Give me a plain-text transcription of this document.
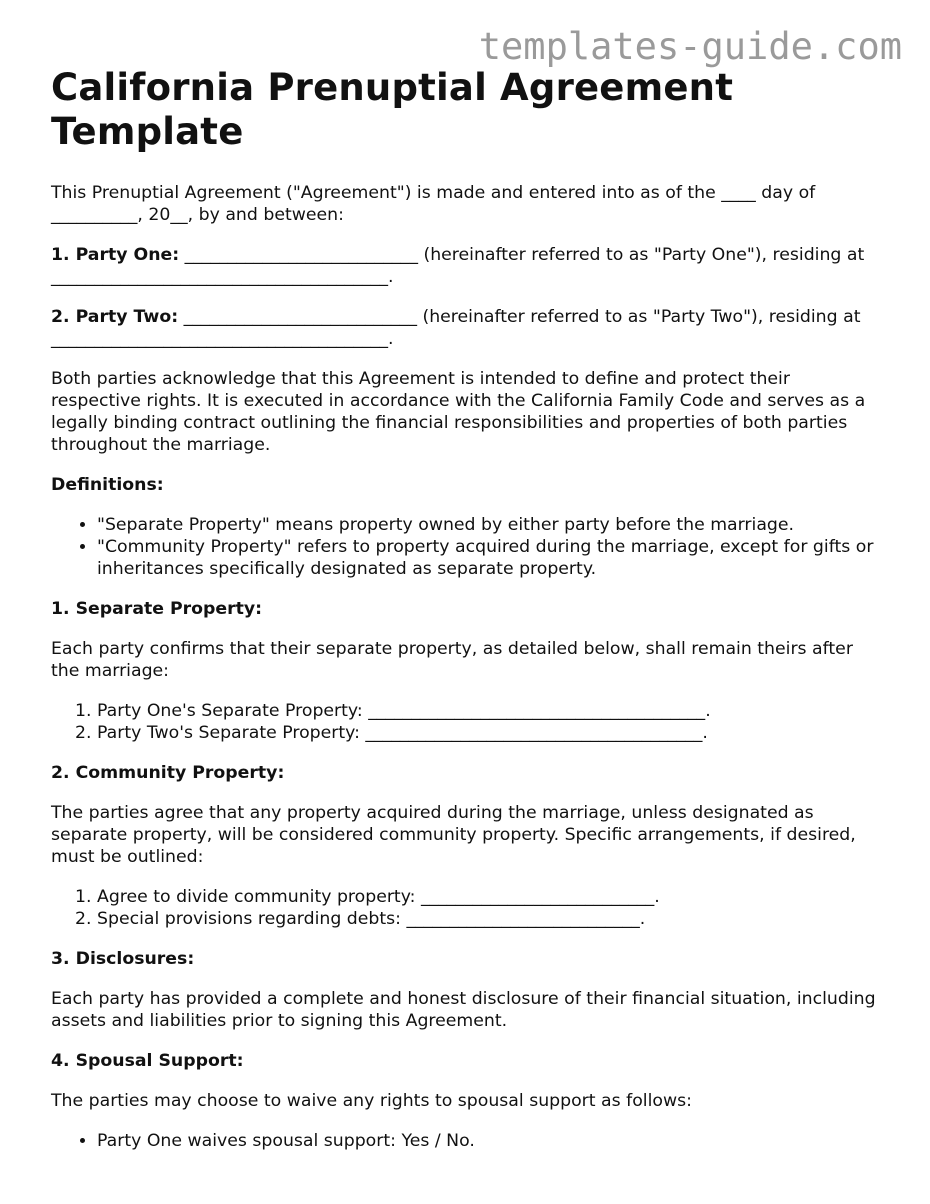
templates-guide.com
California Prenuptial Agreement Template

This Prenuptial Agreement ("Agreement") is made and entered into as of the ____ day of __________, 20__, by and between:

1. Party One: ___________________________ (hereinafter referred to as "Party One"), residing at _______________________________________.

2. Party Two: ___________________________ (hereinafter referred to as "Party Two"), residing at _______________________________________.

Both parties acknowledge that this Agreement is intended to define and protect their respective rights. It is executed in accordance with the California Family Code and serves as a legally binding contract outlining the financial responsibilities and properties of both parties throughout the marriage.

Definitions:
• "Separate Property" means property owned by either party before the marriage.
• "Community Property" refers to property acquired during the marriage, except for gifts or inheritances specifically designated as separate property.
1. Separate Property:

Each party confirms that their separate property, as detailed below, shall remain theirs after the marriage:

1. Party One's Separate Property: _______________________________________.
2. Party Two's Separate Property: _______________________________________.
2. Community Property:

The parties agree that any property acquired during the marriage, unless designated as separate property, will be considered community property. Specific arrangements, if desired, must be outlined:

1. Agree to divide community property: ___________________________.
2. Special provisions regarding debts: ___________________________.
3. Disclosures:

Each party has provided a complete and honest disclosure of their financial situation, including assets and liabilities prior to signing this Agreement.

4. Spousal Support:

The parties may choose to waive any rights to spousal support as follows:

• Party One waives spousal support: Yes / No.
